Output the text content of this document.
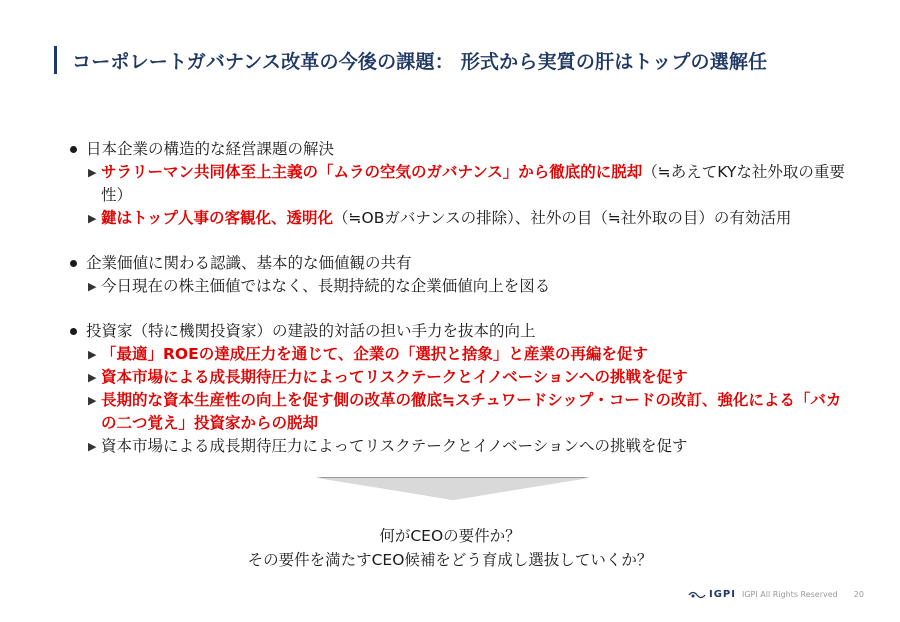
コーポレートガバナンス改革の今後の課題： 形式から実質の肝はトップの選解任
日本企業の構造的な経営課題の解決
▶ サラリーマン共同体至上主義の「ムラの空気のガバナンス」から徹底的に脱却（≒あえてKYな社外取の重要性）
▶ 鍵はトップ人事の客観化、透明化（≒OBガバナンスの排除）、社外の目（≒社外取の目）の有効活用
企業価値に関わる認識、基本的な価値観の共有
▶ 今日現在の株主価値ではなく、長期持続的な企業価値向上を図る
投資家（特に機関投資家）の建設的対話の担い手力を抜本的向上
▶ 「最適」ROEの達成圧力を通じて、企業の「選択と捨象」と産業の再編を促す
▶ 資本市場による成長期待圧力によってリスクテークとイノベーションへの挑戦を促す
▶ 長期的な資本生産性の向上を促す側の改革の徹底≒スチュワードシップ・コードの改訂、強化による「バカの二つ覚え」投資家からの脱却
▶ 資本市場による成長期待圧力によってリスクテークとイノベーションへの挑戦を促す
何がCEOの要件か？
その要件を満たすCEO候補をどう育成し選抜していくか？
IGPI IGPI All Rights Reserved 20
